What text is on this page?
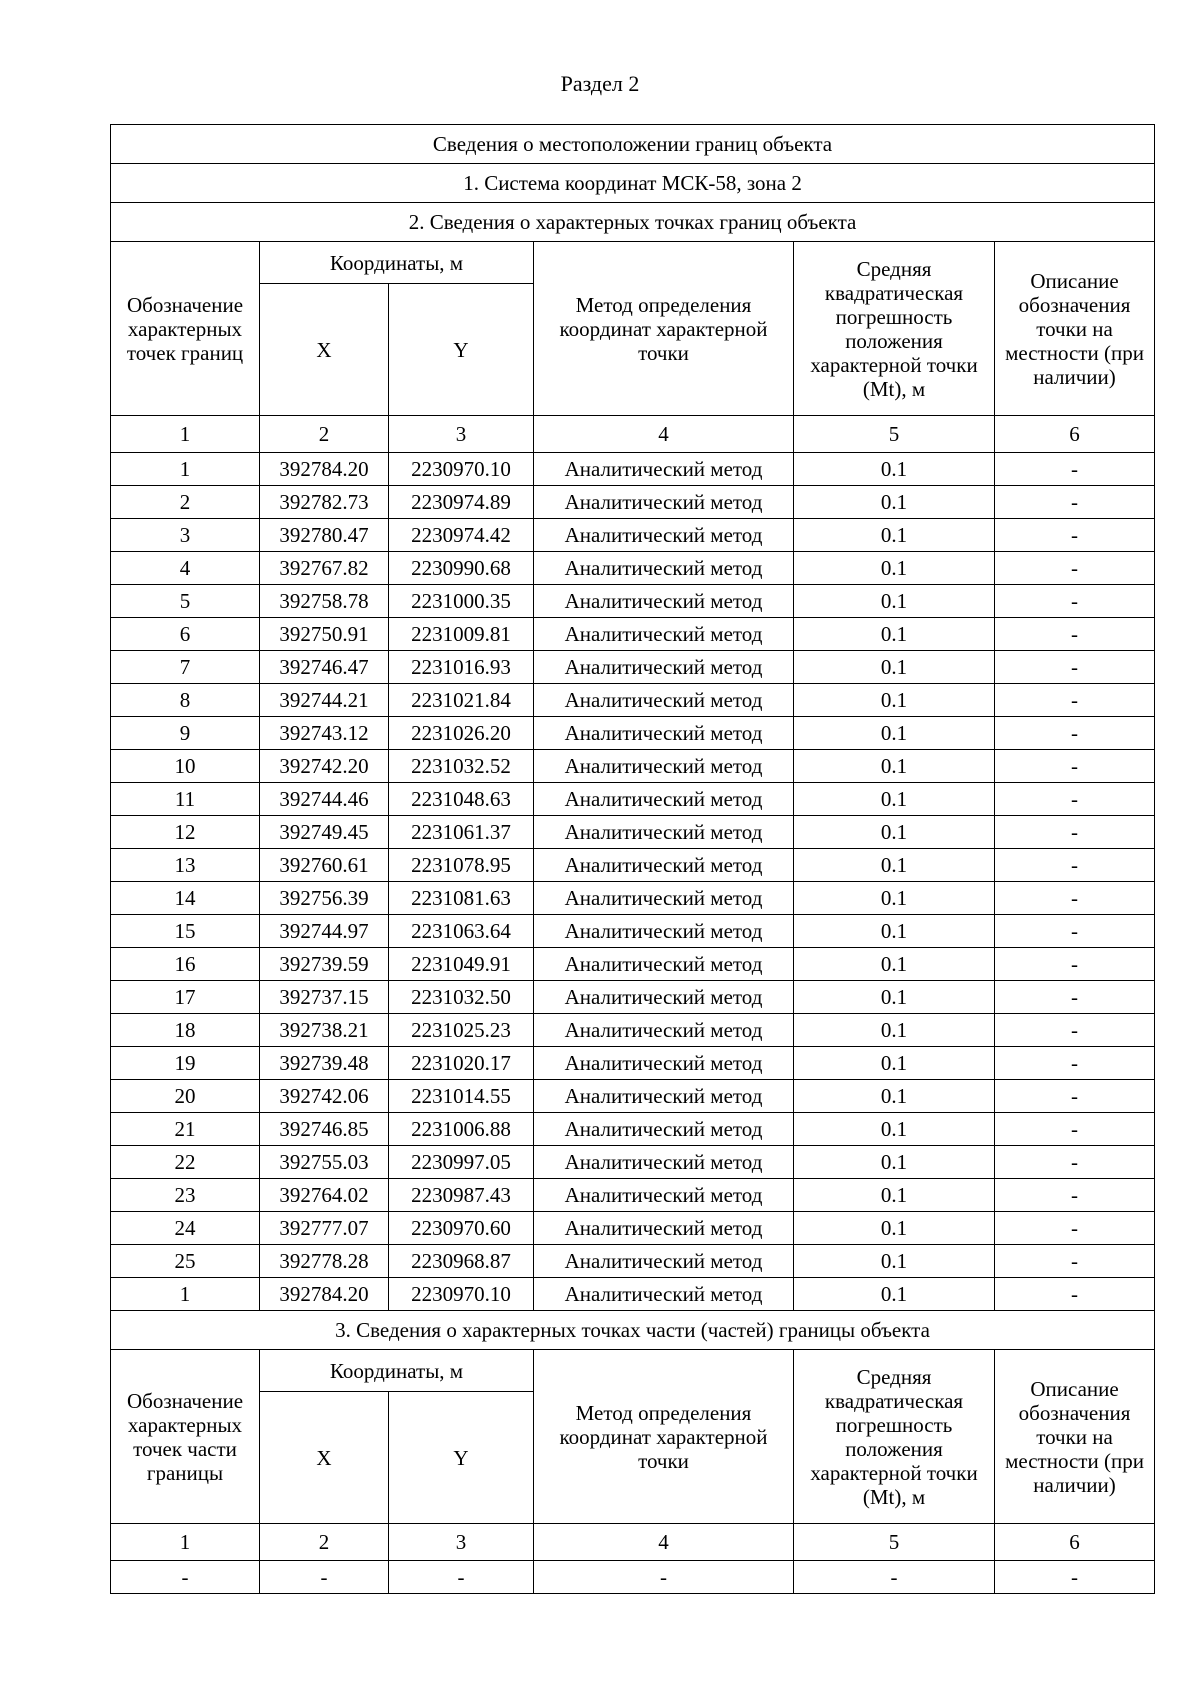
Раздел 2
Сведения о местоположении границ объекта					
1. Система координат МСК-58, зона 2					
2. Сведения о характерных точках границ объекта					
Обозначение характерных точек границ	Координаты, м		Метод определения координат характерной точки	Средняя квадратическая погрешность положения характерной точки (Mt), м	Описание обозначения точки на местности (при наличии)
	X	Y			
1	2	3	4	5	6
1	392784.20	2230970.10	Аналитический метод	0.1	-
2	392782.73	2230974.89	Аналитический метод	0.1	-
3	392780.47	2230974.42	Аналитический метод	0.1	-
4	392767.82	2230990.68	Аналитический метод	0.1	-
5	392758.78	2231000.35	Аналитический метод	0.1	-
6	392750.91	2231009.81	Аналитический метод	0.1	-
7	392746.47	2231016.93	Аналитический метод	0.1	-
8	392744.21	2231021.84	Аналитический метод	0.1	-
9	392743.12	2231026.20	Аналитический метод	0.1	-
10	392742.20	2231032.52	Аналитический метод	0.1	-
11	392744.46	2231048.63	Аналитический метод	0.1	-
12	392749.45	2231061.37	Аналитический метод	0.1	-
13	392760.61	2231078.95	Аналитический метод	0.1	-
14	392756.39	2231081.63	Аналитический метод	0.1	-
15	392744.97	2231063.64	Аналитический метод	0.1	-
16	392739.59	2231049.91	Аналитический метод	0.1	-
17	392737.15	2231032.50	Аналитический метод	0.1	-
18	392738.21	2231025.23	Аналитический метод	0.1	-
19	392739.48	2231020.17	Аналитический метод	0.1	-
20	392742.06	2231014.55	Аналитический метод	0.1	-
21	392746.85	2231006.88	Аналитический метод	0.1	-
22	392755.03	2230997.05	Аналитический метод	0.1	-
23	392764.02	2230987.43	Аналитический метод	0.1	-
24	392777.07	2230970.60	Аналитический метод	0.1	-
25	392778.28	2230968.87	Аналитический метод	0.1	-
1	392784.20	2230970.10	Аналитический метод	0.1	-
3. Сведения о характерных точках части (частей) границы объекта					
Обозначение характерных точек части границы	Координаты, м		Метод определения координат характерной точки	Средняя квадратическая погрешность положения характерной точки (Mt), м	Описание обозначения точки на местности (при наличии)
	X	Y			
1	2	3	4	5	6
-	-	-	-	-	-
